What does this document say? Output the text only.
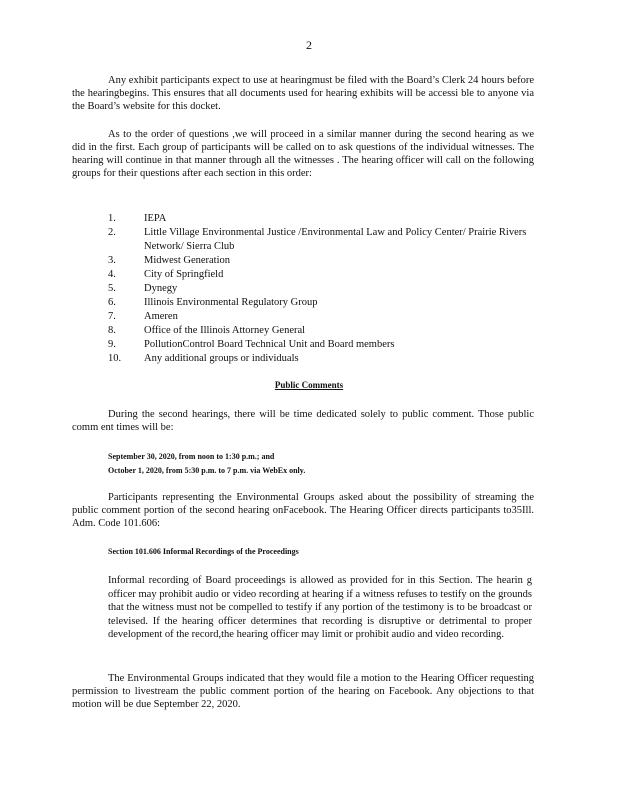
2

Any exhibit participants expect to use at hearingmust be filed with the Board’s Clerk 24 hours before the hearingbegins. This ensures that all documents used for hearing exhibits will be accessi ble to anyone via the Board’s website for this docket.

As to the order of questions ,we will proceed in a similar manner during the second hearing as we did in the first. Each group of participants will be called on to ask questions of the individual witnesses. The hearing will continue in that manner through all the witnesses . The hearing officer will call on the following groups for their questions after each section in this order:

1.	IEPA
2.	Little Village Environmental Justice /Environmental Law and Policy Center/ Prairie Rivers Network/ Sierra Club
3.	Midwest Generation
4.	City of Springfield
5.	Dynegy
6.	Illinois Environmental Regulatory Group
7.	Ameren
8.	Office of the Illinois Attorney General
9.	PollutionControl Board Technical Unit and Board members
10.	Any additional groups or individuals
Public Comments

During the second hearings, there will be time dedicated solely to public comment. Those public comm ent times will be:

September 30, 2020, from noon to 1:30 p.m.; and
October 1, 2020, from 5:30 p.m. to 7 p.m. via WebEx only.

Participants representing the Environmental Groups asked about the possibility of streaming the public comment portion of the second hearing onFacebook. The Hearing Officer directs participants to35Ill. Adm. Code 101.606:

Section 101.606 Informal Recordings of the Proceedings

Informal recording of Board proceedings is allowed as provided for in this Section. The hearin g officer may prohibit audio or video recording at hearing if a witness refuses to testify on the grounds that the witness must not be compelled to testify if any portion of the testimony is to be broadcast or televised. If the hearing officer determines that recording is disruptive or detrimental to proper development of the record,the hearing officer may limit or prohibit audio and video recording.

The Environmental Groups indicated that they would file a motion to the Hearing Officer requesting permission to livestream the public comment portion of the hearing on Facebook. Any objections to that motion will be due September 22, 2020.
